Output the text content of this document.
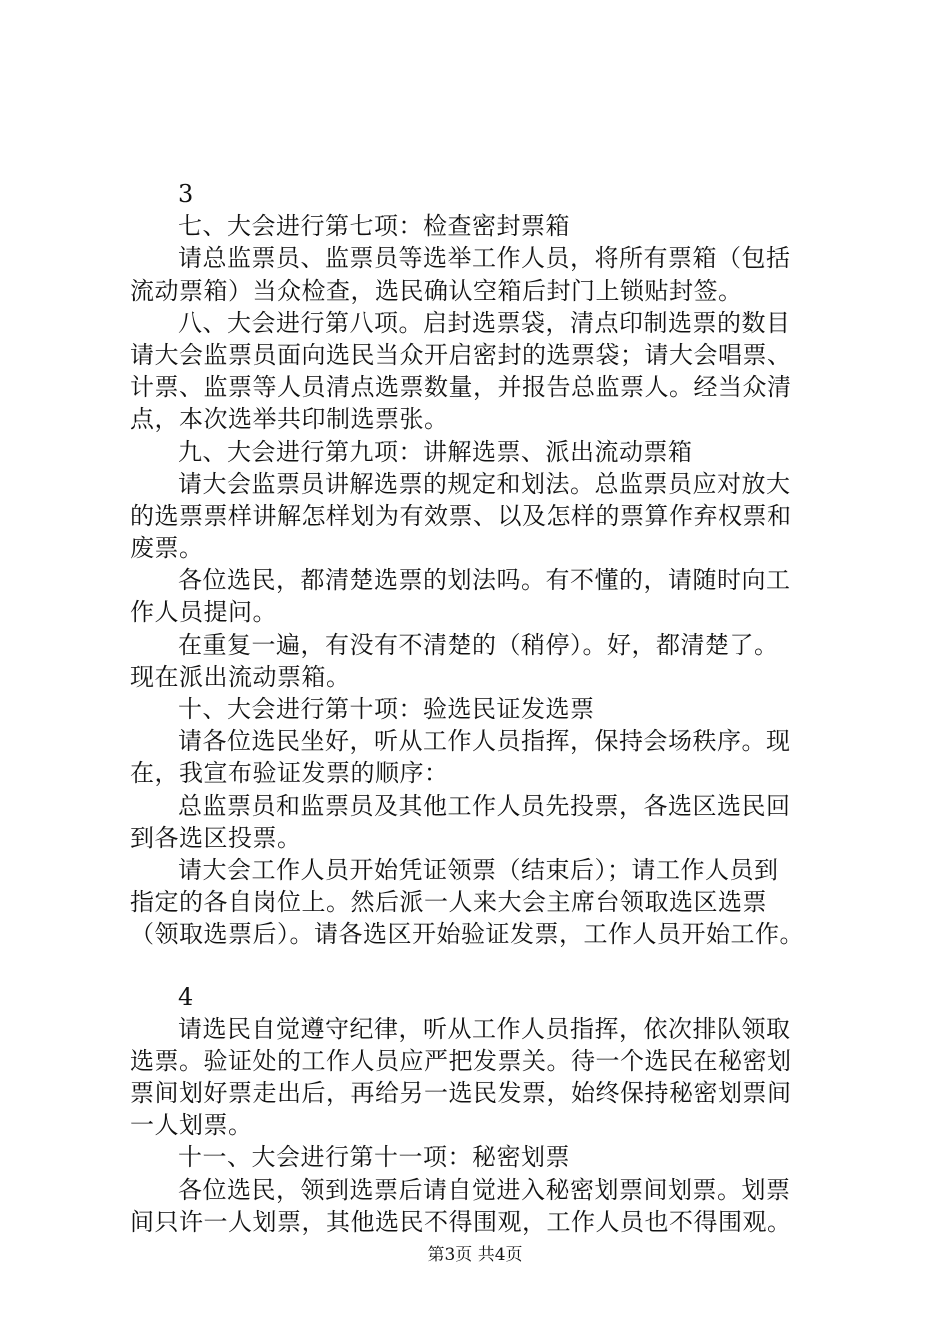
3
七、大会进行第七项：检查密封票箱
请总监票员、监票员等选举工作人员，将所有票箱（包括
流动票箱）当众检查，选民确认空箱后封门上锁贴封签。
八、大会进行第八项。启封选票袋，清点印制选票的数目
请大会监票员面向选民当众开启密封的选票袋；请大会唱票、
计票、监票等人员清点选票数量，并报告总监票人。经当众清
点，本次选举共印制选票张。
九、大会进行第九项：讲解选票、派出流动票箱
请大会监票员讲解选票的规定和划法。总监票员应对放大
的选票票样讲解怎样划为有效票、以及怎样的票算作弃权票和
废票。
各位选民，都清楚选票的划法吗。有不懂的，请随时向工
作人员提问。
在重复一遍，有没有不清楚的（稍停）。好，都清楚了。
现在派出流动票箱。
十、大会进行第十项：验选民证发选票
请各位选民坐好，听从工作人员指挥，保持会场秩序。现
在，我宣布验证发票的顺序：
总监票员和监票员及其他工作人员先投票，各选区选民回
到各选区投票。
请大会工作人员开始凭证领票（结束后）；请工作人员到
指定的各自岗位上。然后派一人来大会主席台领取选区选票
（领取选票后）。请各选区开始验证发票，工作人员开始工作。
4
请选民自觉遵守纪律，听从工作人员指挥，依次排队领取
选票。验证处的工作人员应严把发票关。待一个选民在秘密划
票间划好票走出后，再给另一选民发票，始终保持秘密划票间
一人划票。
十一、大会进行第十一项：秘密划票
各位选民，领到选票后请自觉进入秘密划票间划票。划票
间只许一人划票，其他选民不得围观，工作人员也不得围观。
第3页 共4页
